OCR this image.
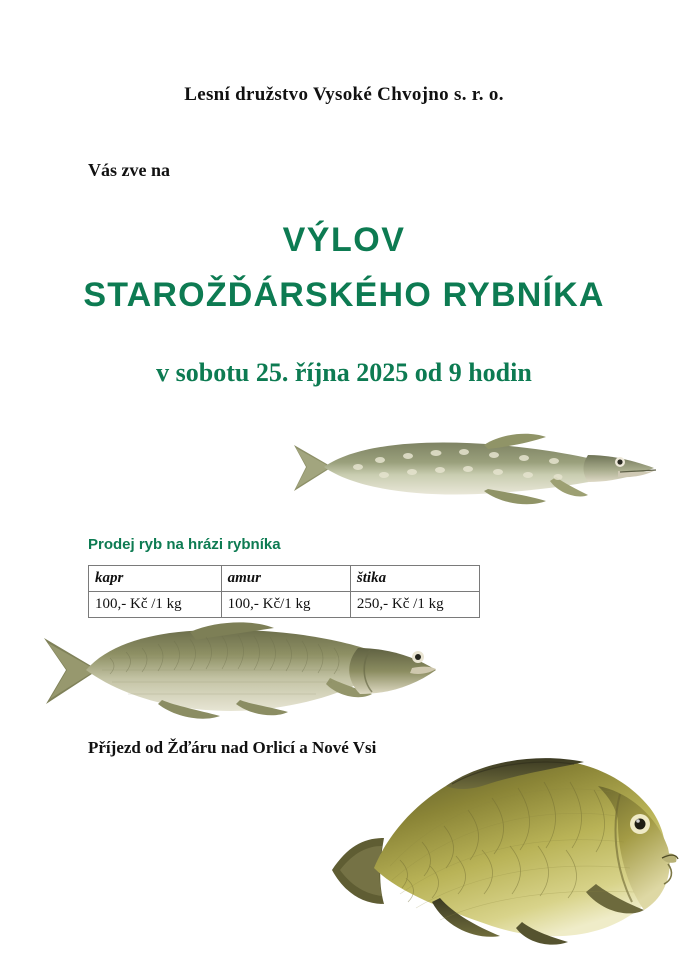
Lesní družstvo Vysoké Chvojno s. r. o.
Vás zve na
VÝLOV
STAROŽĎÁRSKÉHO RYBNÍKA
v sobotu 25. října 2025 od 9 hodin
Prodej ryb na hrázi rybníka
kapr	amur	štika
100,- Kč /1 kg	100,- Kč/1 kg	250,- Kč /1 kg
Příjezd od Žďáru nad Orlicí a Nové Vsi
